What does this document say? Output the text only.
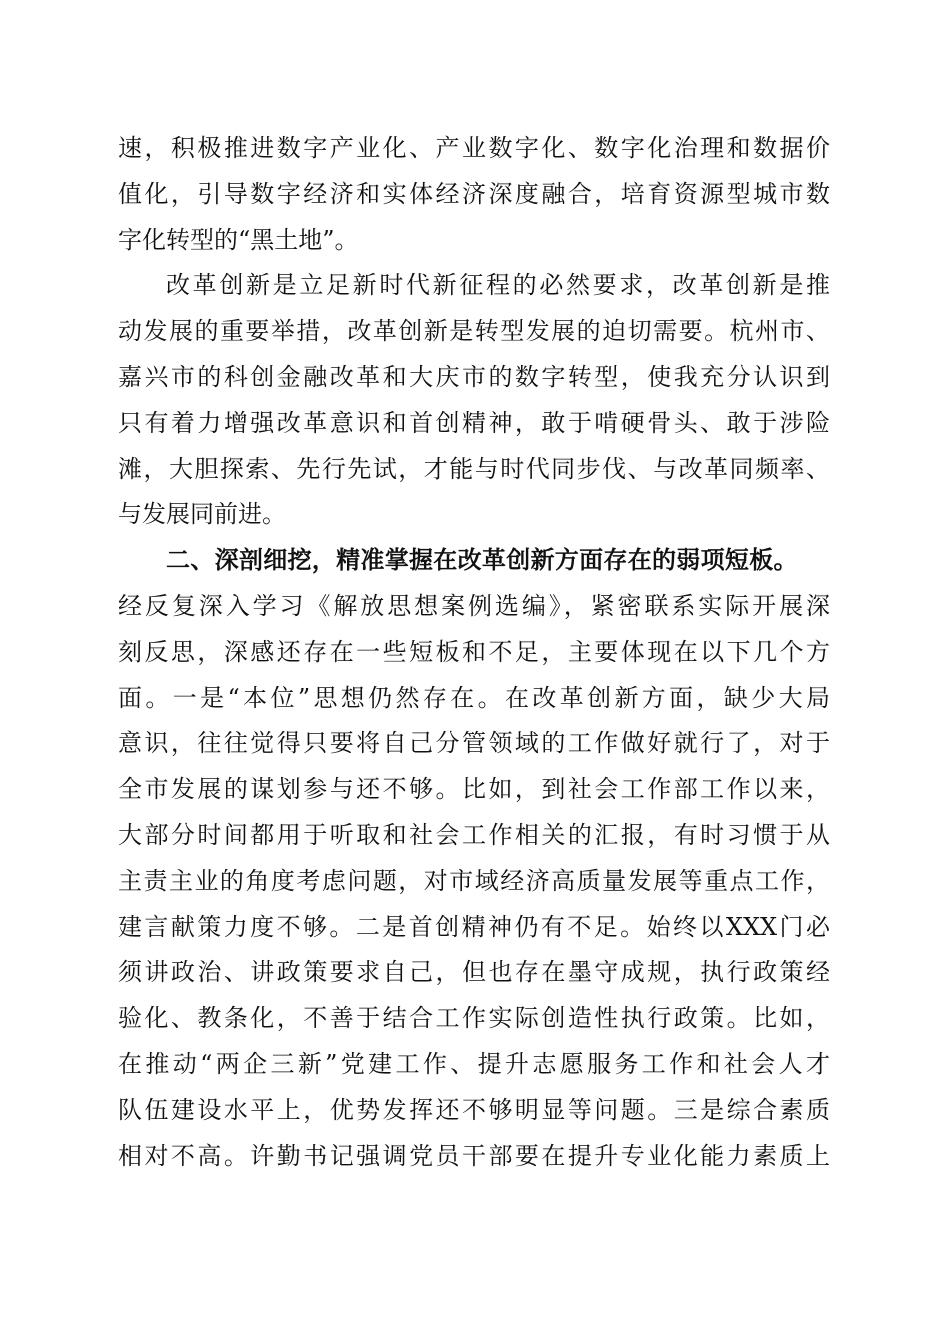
速，积极推进数字产业化、产业数字化、数字化治理和数据价
值化，引导数字经济和实体经济深度融合，培育资源型城市数
字化转型的“黑土地”。
改革创新是立足新时代新征程的必然要求，改革创新是推
动发展的重要举措，改革创新是转型发展的迫切需要。杭州市、
嘉兴市的科创金融改革和大庆市的数字转型，使我充分认识到
只有着力增强改革意识和首创精神，敢于啃硬骨头、敢于涉险
滩，大胆探索、先行先试，才能与时代同步伐、与改革同频率、
与发展同前进。
二、深剖细挖，精准掌握在改革创新方面存在的弱项短板。
经反复深入学习《解放思想案例选编》，紧密联系实际开展深
刻反思，深感还存在一些短板和不足，主要体现在以下几个方
面。一是“本位”思想仍然存在。在改革创新方面，缺少大局
意识，往往觉得只要将自己分管领域的工作做好就行了，对于
全市发展的谋划参与还不够。比如，到社会工作部工作以来，
大部分时间都用于听取和社会工作相关的汇报，有时习惯于从
主责主业的角度考虑问题，对市域经济高质量发展等重点工作，
建言献策力度不够。二是首创精神仍有不足。始终以XXX门必
须讲政治、讲政策要求自己，但也存在墨守成规，执行政策经
验化、教条化，不善于结合工作实际创造性执行政策。比如，
在推动“两企三新”党建工作、提升志愿服务工作和社会人才
队伍建设水平上，优势发挥还不够明显等问题。三是综合素质
相对不高。许勤书记强调党员干部要在提升专业化能力素质上
